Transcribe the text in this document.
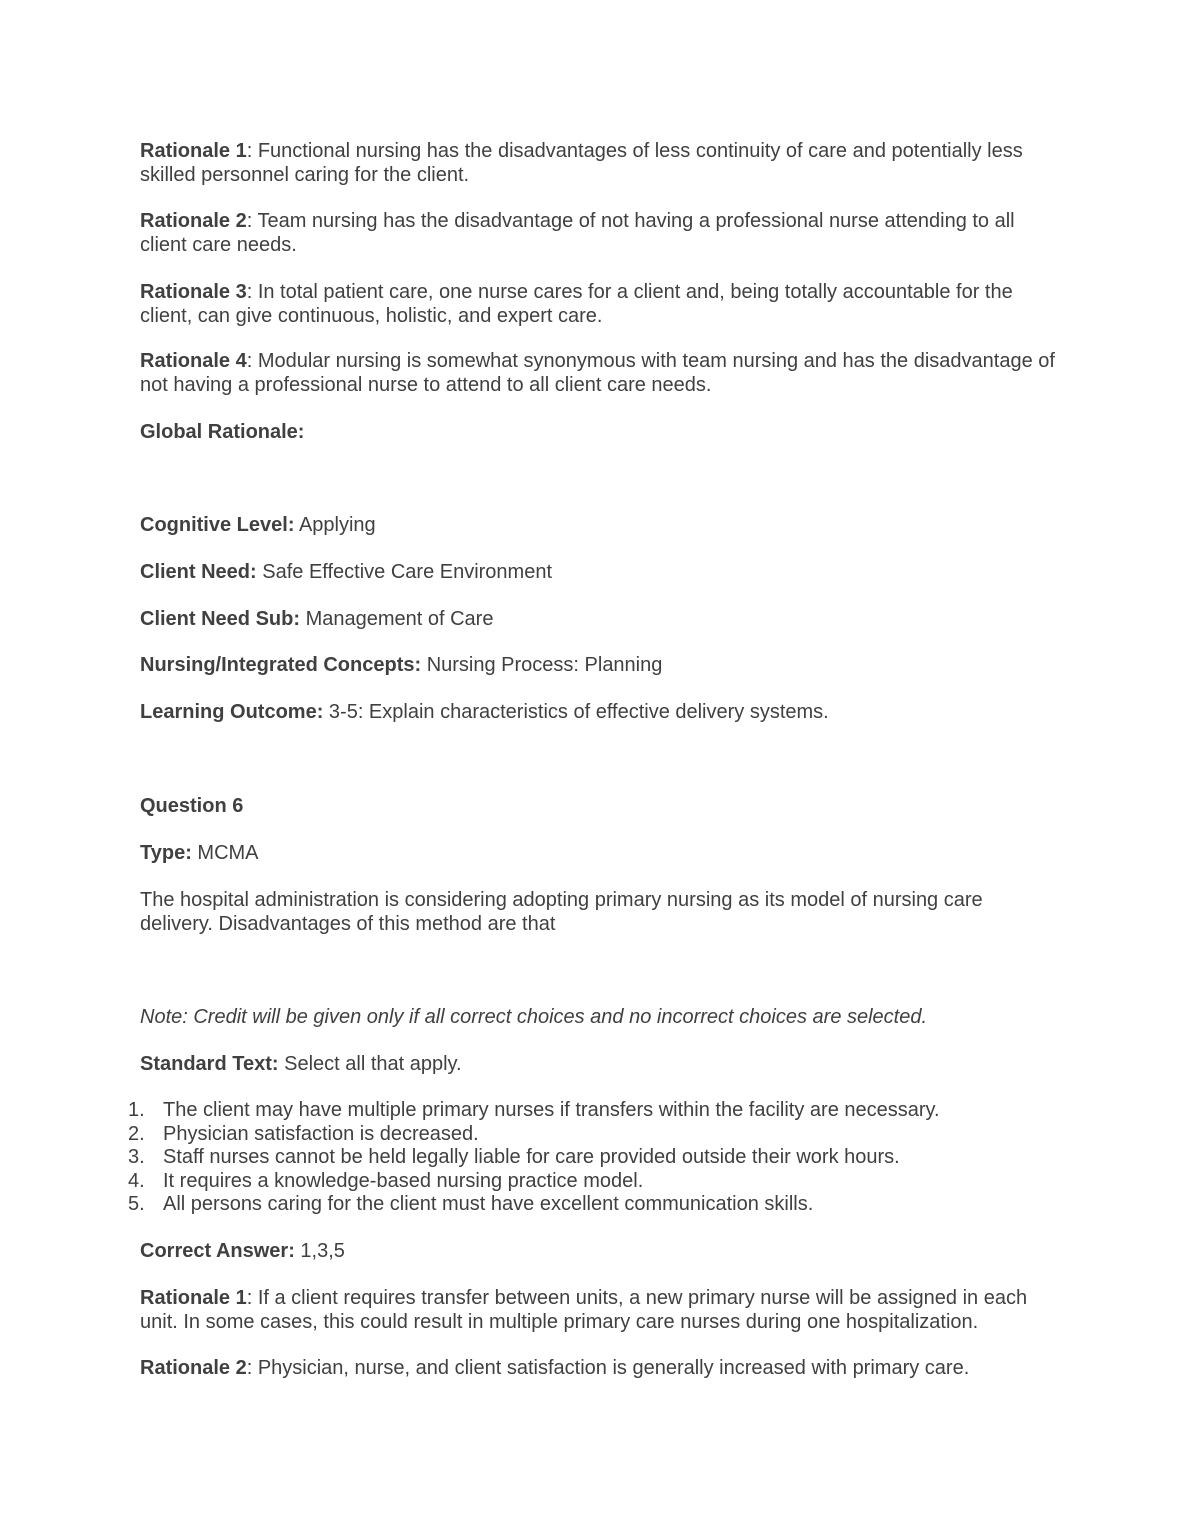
Rationale 1: Functional nursing has the disadvantages of less continuity of care and potentially less skilled personnel caring for the client.

Rationale 2: Team nursing has the disadvantage of not having a professional nurse attending to all client care needs.

Rationale 3: In total patient care, one nurse cares for a client and, being totally accountable for the client, can give continuous, holistic, and expert care.

Rationale 4: Modular nursing is somewhat synonymous with team nursing and has the disadvantage of not having a professional nurse to attend to all client care needs.

Global Rationale:

Cognitive Level: Applying

Client Need: Safe Effective Care Environment

Client Need Sub: Management of Care

Nursing/Integrated Concepts: Nursing Process: Planning

Learning Outcome: 3-5: Explain characteristics of effective delivery systems.

Question 6

Type: MCMA

The hospital administration is considering adopting primary nursing as its model of nursing care delivery. Disadvantages of this method are that

Note: Credit will be given only if all correct choices and no incorrect choices are selected.

Standard Text: Select all that apply.

1. The client may have multiple primary nurses if transfers within the facility are necessary.
2. Physician satisfaction is decreased.
3. Staff nurses cannot be held legally liable for care provided outside their work hours.
4. It requires a knowledge-based nursing practice model.
5. All persons caring for the client must have excellent communication skills.

Correct Answer: 1,3,5

Rationale 1: If a client requires transfer between units, a new primary nurse will be assigned in each unit. In some cases, this could result in multiple primary care nurses during one hospitalization.

Rationale 2: Physician, nurse, and client satisfaction is generally increased with primary care.
